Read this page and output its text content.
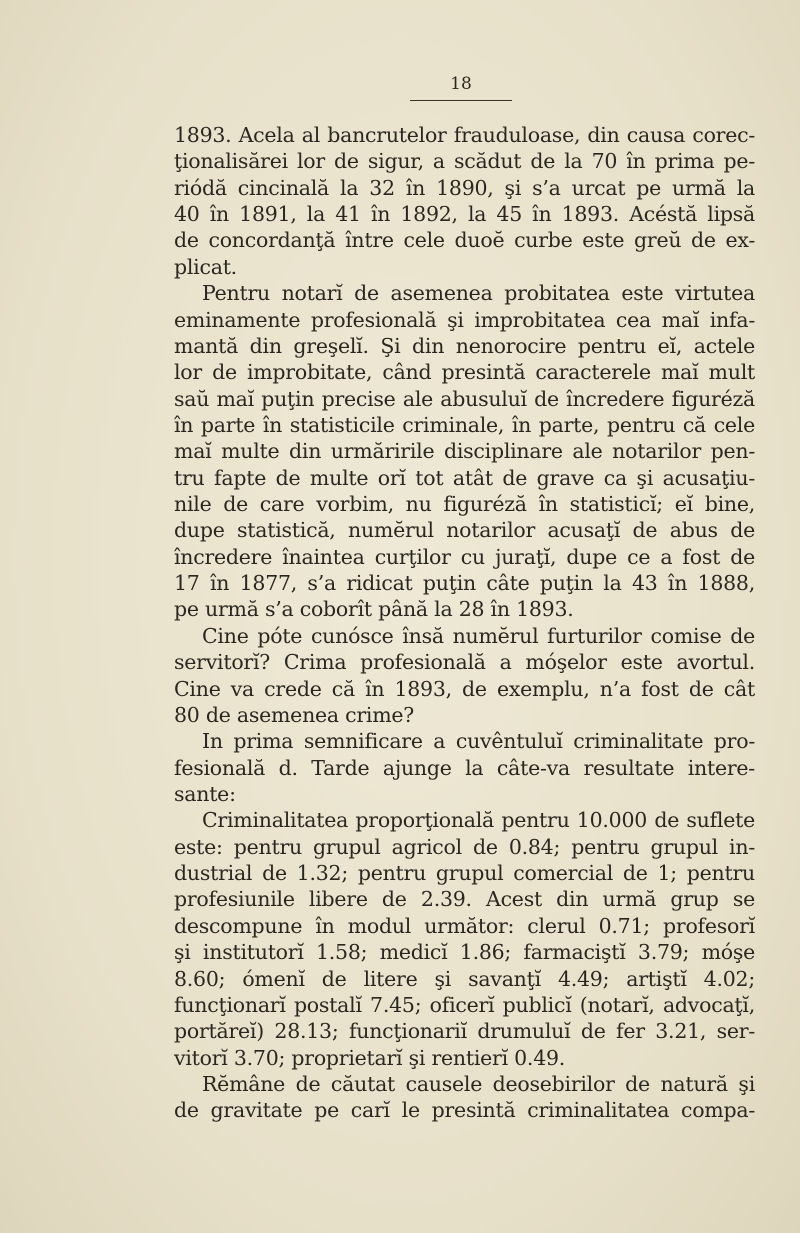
18
1893. Acela al bancrutelor frauduloase, din causa corec-
ţionalisărei lor de sigur, a scădut de la 70 în prima pe-
riódă cincinală la 32 în 1890, şi s’a urcat pe urmă la
40 în 1891, la 41 în 1892, la 45 în 1893. Acéstă lipsă
de concordanţă între cele duoĕ curbe este greŭ de ex-
plicat.
Pentru notarĭ de asemenea probitatea este virtutea
eminamente profesională şi improbitatea cea maĭ infa-
mantă din greşelĭ. Şi din nenorocire pentru eĭ, actele
lor de improbitate, când presintă caracterele maĭ mult
saŭ maĭ puţin precise ale abusuluĭ de încredere figuréză
în parte în statisticile criminale, în parte, pentru că cele
maĭ multe din urmăririle disciplinare ale notarilor pen-
tru fapte de multe orĭ tot atât de grave ca şi acusaţiu-
nile de care vorbim, nu figuréză în statisticĭ; eĭ bine,
dupe statistică, numĕrul notarilor acusaţĭ de abus de
încredere înaintea curţilor cu juraţĭ, dupe ce a fost de
17 în 1877, s’a ridicat puţin câte puţin la 43 în 1888,
pe urmă s’a coborît până la 28 în 1893.
Cine póte cunósce însă numĕrul furturilor comise de
servitorĭ? Crima profesională a móşelor este avortul.
Cine va crede că în 1893, de exemplu, n’a fost de cât
80 de asemenea crime?
In prima semnificare a cuvêntuluĭ criminalitate pro-
fesională d. Tarde ajunge la câte-va resultate intere-
sante:
Criminalitatea proporţională pentru 10.000 de suflete
este: pentru grupul agricol de 0.84; pentru grupul in-
dustrial de 1.32; pentru grupul comercial de 1; pentru
profesiunile libere de 2.39. Acest din urmă grup se
descompune în modul următor: clerul 0.71; profesorĭ
şi institutorĭ 1.58; medicĭ 1.86; farmaciştĭ 3.79; móşe
8.60; ómenĭ de litere şi savanţĭ 4.49; artiştĭ 4.02;
funcţionarĭ postalĭ 7.45; oficerĭ publicĭ (notarĭ, advocaţĭ,
portăreĭ) 28.13; funcţionariĭ drumuluĭ de fer 3.21, ser-
vitorĭ 3.70; proprietarĭ şi rentierĭ 0.49.
Rĕmâne de căutat causele deosebirilor de natură şi
de gravitate pe carĭ le presintă criminalitatea compa-
